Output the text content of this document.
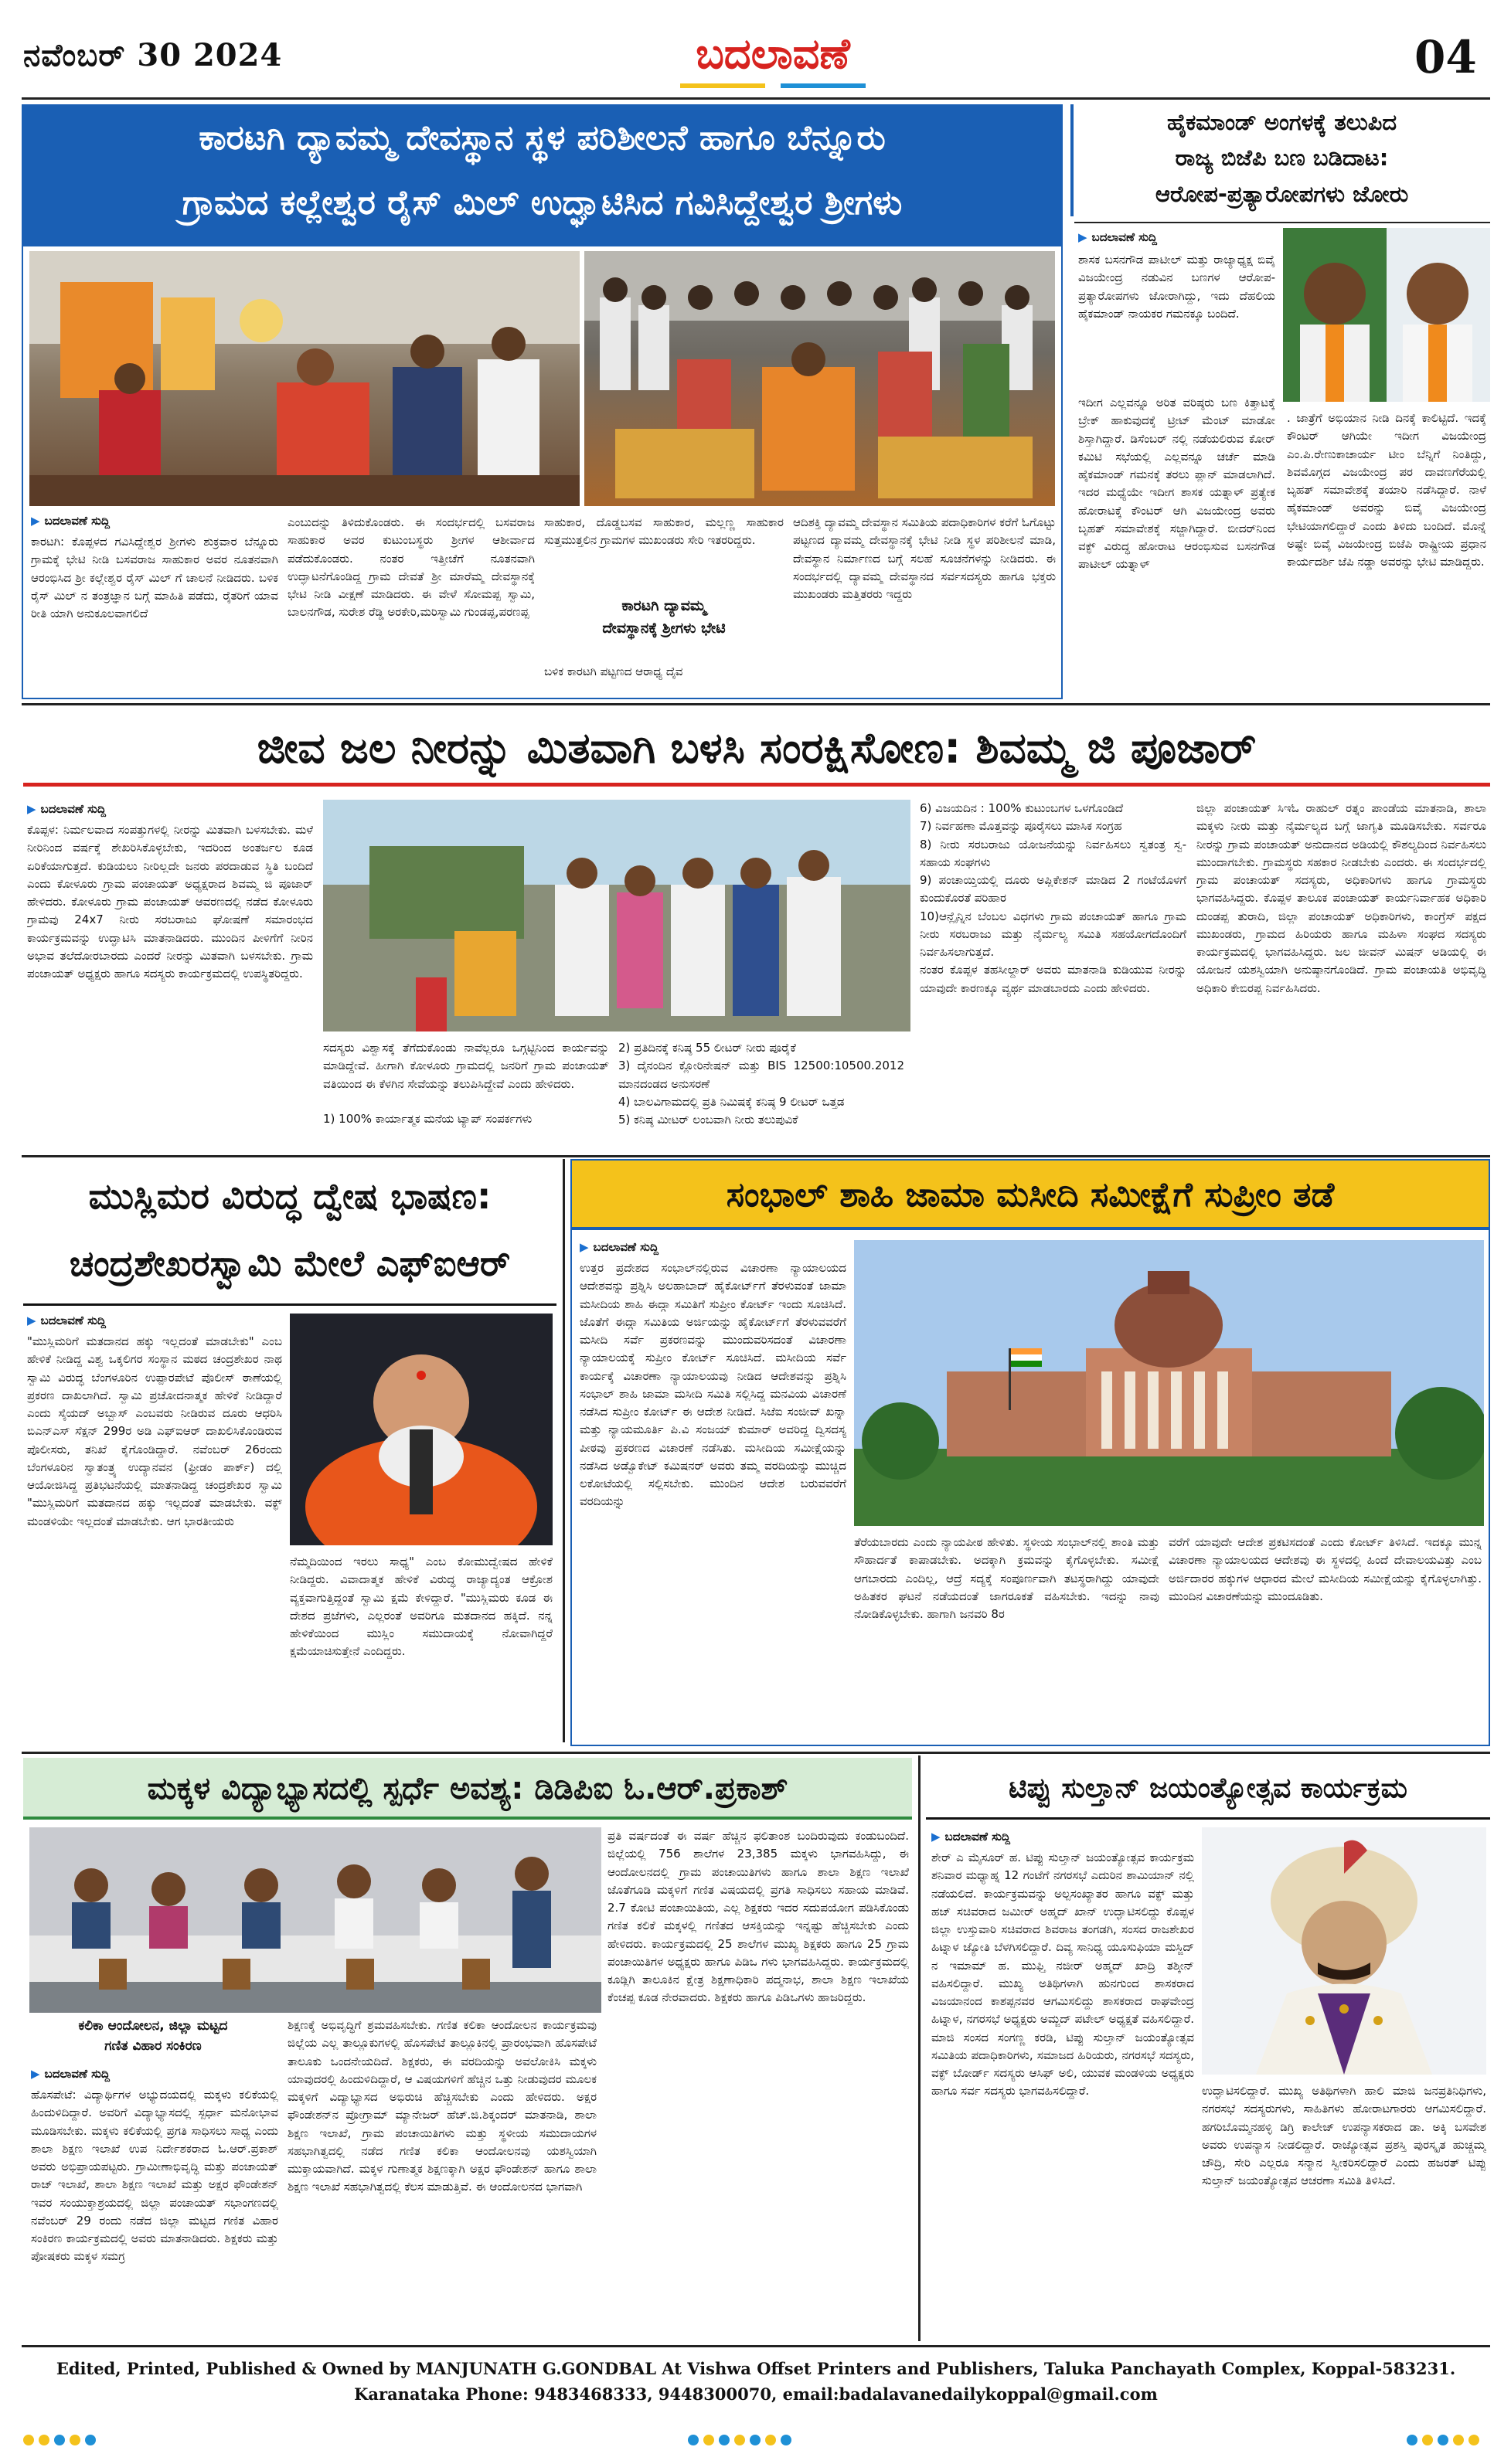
ನವೆಂಬರ್ 30 2024	ಬದಲಾವಣೆ	04
ಕಾರಟಗಿ ದ್ಯಾವಮ್ಮ ದೇವಸ್ಥಾನ ಸ್ಥಳ ಪರಿಶೀಲನೆ ಹಾಗೂ ಬೆನ್ನೂರು
ಗ್ರಾಮದ ಕಲ್ಲೇಶ್ವರ ರೈಸ್ ಮಿಲ್ ಉದ್ಘಾಟಿಸಿದ ಗವಿಸಿದ್ದೇಶ್ವರ ಶ್ರೀಗಳು
▶ ಬದಲಾವಣೆ ಸುದ್ದಿ
ಕಾರಟಗಿ: ಕೊಪ್ಪಳದ ಗವಿಸಿದ್ದೇಶ್ವರ ಶ್ರೀಗಳು ಶುಕ್ರವಾರ ಬೆನ್ನೂರು ಗ್ರಾಮಕ್ಕೆ ಭೇಟಿ ನೀಡಿ ಬಸವರಾಜ ಸಾಹುಕಾರ ಅವರ ನೂತನವಾಗಿ ಆರಂಭಿಸಿದ ಶ್ರೀ ಕಲ್ಲೇಶ್ವರ ರೈಸ್ ಮಿಲ್ ಗೆ ಚಾಲನೆ ನೀಡಿದರು. ಬಳಿಕ ರೈಸ್ ಮಿಲ್ ನ ತಂತ್ರಜ್ಞಾನ ಬಗ್ಗೆ ಮಾಹಿತಿ ಪಡೆದು, ರೈತರಿಗೆ ಯಾವ ರೀತಿ ಯಾಗಿ ಅನುಕೂಲವಾಗಲಿದೆ
ಎಂಬುದನ್ನು ತಿಳಿದುಕೊಂಡರು. ಈ ಸಂದರ್ಭದಲ್ಲಿ ಬಸವರಾಜ ಸಾಹುಕಾರ ಅವರ ಕುಟುಂಬಸ್ಥರು ಶ್ರೀಗಳ ಆಶೀರ್ವಾದ ಪಡೆದುಕೊಂಡರು. ನಂತರ ಇತ್ತೀಚೆಗೆ ನೂತನವಾಗಿ ಉದ್ಘಾಟನೆಗೊಂಡಿದ್ದ ಗ್ರಾಮ ದೇವತೆ ಶ್ರೀ ಮಾರೆಮ್ಮ ದೇವಸ್ಥಾನಕ್ಕೆ ಭೇಟಿ ನೀಡಿ ವೀಕ್ಷಣೆ ಮಾಡಿದರು. ಈ ವೇಳೆ ಸೋಮಪ್ಪ ಸ್ವಾಮಿ, ಬಾಲನಗೌಡ, ಸುರೇಶ ರೆಡ್ಡಿ ಅರಕೇರಿ,ಮರಿಸ್ವಾಮಿ ಗುಂಡಪ್ಪ,ಪರಣಪ್ಪ
ಸಾಹುಕಾರ, ದೊಡ್ಡಬಸವ ಸಾಹುಕಾರ, ಮಲ್ಲಣ್ಣ ಸಾಹುಕಾರ ಸುತ್ತಮುತ್ತಲಿನ ಗ್ರಾಮಗಳ ಮುಖಂಡರು ಸೇರಿ ಇತರರಿದ್ದರು.
ಕಾರಟಗಿ ದ್ಯಾವಮ್ಮ
ದೇವಸ್ಥಾನಕ್ಕೆ ಶ್ರೀಗಳು ಭೇಟಿ
ಬಳಿಕ ಕಾರಟಗಿ ಪಟ್ಟಣದ ಆರಾಧ್ಯ ದೈವ
ಆದಿಶಕ್ತಿ ದ್ಯಾವಮ್ಮ ದೇವಸ್ಥಾನ ಸಮಿತಿಯ ಪದಾಧಿಕಾರಿಗಳ ಕರೆಗೆ ಓಗೊಟ್ಟು ಪಟ್ಟಣದ ದ್ಯಾವಮ್ಮ ದೇವಸ್ಥಾನಕ್ಕೆ ಭೇಟಿ ನೀಡಿ ಸ್ಥಳ ಪರಿಶೀಲನೆ ಮಾಡಿ, ದೇವಸ್ಥಾನ ನಿರ್ಮಾಣದ ಬಗ್ಗೆ ಸಲಹೆ ಸೂಚನೆಗಳನ್ನು ನೀಡಿದರು. ಈ ಸಂದರ್ಭದಲ್ಲಿ ದ್ಯಾವಮ್ಮ ದೇವಸ್ಥಾನದ ಸರ್ವಸದಸ್ಯರು ಹಾಗೂ ಭಕ್ತರು ಮುಖಂಡರು ಮತ್ತಿತರರು ಇದ್ದರು
ಹೈಕಮಾಂಡ್ ಅಂಗಳಕ್ಕೆ ತಲುಪಿದ
ರಾಜ್ಯ ಬಿಜೆಪಿ ಬಣ ಬಡಿದಾಟ:
ಆರೋಪ-ಪ್ರತ್ಯಾರೋಪಗಳು ಜೋರು
▶ ಬದಲಾವಣೆ ಸುದ್ದಿ
ಶಾಸಕ ಬಸನಗೌಡ ಪಾಟೀಲ್ ಮತ್ತು ರಾಜ್ಯಾಧ್ಯಕ್ಷ ಬಿವೈ ವಿಜಯೇಂದ್ರ ನಡುವಿನ ಬಣಗಳ ಆರೋಪ-ಪ್ರತ್ಯಾರೋಪಗಳು ಜೋರಾಗಿದ್ದು, ಇದು ದೆಹಲಿಯ ಹೈಕಮಾಂಡ್ ನಾಯಕರ ಗಮನಕ್ಕೂ ಬಂದಿದೆ.
ಇದೀಗ ಎಲ್ಲವನ್ನೂ ಅರಿತ ವರಿಷ್ಠರು ಬಣ ಕಿತ್ತಾಟಕ್ಕೆ ಬ್ರೇಕ್ ಹಾಕುವುದಕ್ಕೆ ಟ್ರೀಟ್ ಮೆಂಟ್ ಮಾಡೋ ಶಿಸ್ತಾಗಿದ್ದಾರೆ. ಡಿಸೆಂಬರ್ ನಲ್ಲಿ ನಡೆಯಲಿರುವ ಕೋರ್ ಕಮಿಟಿ ಸಭೆಯಲ್ಲಿ ಎಲ್ಲವನ್ನೂ ಚರ್ಚೆ ಮಾಡಿ ಹೈಕಮಾಂಡ್ ಗಮನಕ್ಕೆ ತರಲು ಪ್ಲಾನ್ ಮಾಡಲಾಗಿದೆ. ಇದರ ಮಧ್ಯೆಯೇ ಇದೀಗ ಶಾಸಕ ಯತ್ನಾಳ್ ಪ್ರತ್ಯೇಕ ಹೋರಾಟಕ್ಕೆ ಕೌಂಟರ್ ಆಗಿ ವಿಜಯೇಂದ್ರ ಅವರು ಬೃಹತ್ ಸಮಾವೇಶಕ್ಕೆ ಸಜ್ಜಾಗಿದ್ದಾರೆ. ಬೀದರ್‌ನಿಂದ ವಕ್ಫ್ ವಿರುದ್ಧ ಹೋರಾಟ ಆರಂಭಿಸುವ ಬಸನಗೌಡ ಪಾಟೀಲ್ ಯತ್ನಾಳ್
. ಜಾತ್ರೆಗೆ ಅಭಿಯಾನ ನೀಡಿ ದಿನಕ್ಕೆ ಕಾಲಿಟ್ಟಿದೆ. ಇದಕ್ಕೆ ಕೌಂಟರ್ ಆಗಿಯೇ ಇದೀಗ ವಿಜಯೇಂದ್ರ ಎಂ.ಪಿ.ರೇಣುಕಾಚಾರ್ಯ ಟೀಂ ಬೆನ್ನಿಗೆ ನಿಂತಿದ್ದು, ಶಿವಮೊಗ್ಗದ ವಿಜಯೇಂದ್ರ ಪರ ದಾವಣಗೆರೆಯಲ್ಲಿ ಬೃಹತ್ ಸಮಾವೇಶಕ್ಕೆ ತಯಾರಿ ನಡೆಸಿದ್ದಾರೆ. ನಾಳೆ ಹೈಕಮಾಂಡ್ ಅವರನ್ನು ಬಿವೈ ವಿಜಯೇಂದ್ರ ಭೇಟಿಯಾಗಲಿದ್ದಾರೆ ಎಂದು ತಿಳಿದು ಬಂದಿದೆ. ಮೊನ್ನೆ ಅಷ್ಟೇ ಬಿವೈ ವಿಜಯೇಂದ್ರ ಬಿಜೆಪಿ ರಾಷ್ಟ್ರೀಯ ಪ್ರಧಾನ ಕಾರ್ಯದರ್ಶಿ ಜೆಪಿ ನಡ್ಡಾ ಅವರನ್ನು ಭೇಟಿ ಮಾಡಿದ್ದರು.
ಜೀವ ಜಲ ನೀರನ್ನು ಮಿತವಾಗಿ ಬಳಸಿ ಸಂರಕ್ಷಿಸೋಣ: ಶಿವಮ್ಮ ಜಿ ಪೂಜಾರ್
▶ ಬದಲಾವಣೆ ಸುದ್ದಿ
ಕೊಪ್ಪಳ: ನಿರ್ಮಲವಾದ ಸಂಪತ್ತುಗಳಲ್ಲಿ ನೀರನ್ನು ಮಿತವಾಗಿ ಬಳಸಬೇಕು. ಮಳೆ ನೀರಿನಿಂದ ವರ್ಷಕ್ಕೆ ಶೇಖರಿಸಿಕೊಳ್ಳಬೇಕು, ಇದರಿಂದ ಅಂತರ್ಜಲ ಕೂಡ ಏರಿಕೆಯಾಗುತ್ತದೆ. ಕುಡಿಯಲು ನೀರಿಲ್ಲದೇ ಜನರು ಪರದಾಡುವ ಸ್ಥಿತಿ ಬಂದಿದೆ ಎಂದು ಕೋಳೂರು ಗ್ರಾಮ ಪಂಚಾಯತ್ ಅಧ್ಯಕ್ಷರಾದ ಶಿವಮ್ಮ ಜಿ ಪೂಜಾರ್ ಹೇಳಿದರು. ಕೋಳೂರು ಗ್ರಾಮ ಪಂಚಾಯತ್ ಆವರಣದಲ್ಲಿ ನಡೆದ ಕೋಳೂರು ಗ್ರಾಮವು 24x7 ನೀರು ಸರಬರಾಜು ಘೋಷಣೆ ಸಮಾರಂಭದ ಕಾರ್ಯಕ್ರಮವನ್ನು ಉದ್ಘಾಟಿಸಿ ಮಾತನಾಡಿದರು. ಮುಂದಿನ ಪೀಳಿಗೆಗೆ ನೀರಿನ ಅಭಾವ ತಲೆದೋರಬಾರದು ಎಂದರೆ ನೀರನ್ನು ಮಿತವಾಗಿ ಬಳಸಬೇಕು. ಗ್ರಾಮ ಪಂಚಾಯತ್ ಅಧ್ಯಕ್ಷರು ಹಾಗೂ ಸದಸ್ಯರು ಕಾರ್ಯಕ್ರಮದಲ್ಲಿ ಉಪಸ್ಥಿತರಿದ್ದರು.
ಸದಸ್ಯರು ವಿಶ್ವಾಸಕ್ಕೆ ತೆಗೆದುಕೊಂಡು ನಾವೆಲ್ಲರೂ ಒಗ್ಗಟ್ಟಿನಿಂದ ಕಾರ್ಯವನ್ನು ಮಾಡಿದ್ದೇವೆ. ಹೀಗಾಗಿ ಕೋಳೂರು ಗ್ರಾಮದಲ್ಲಿ ಜನರಿಗೆ ಗ್ರಾಮ ಪಂಚಾಯತ್ ವತಿಯಿಂದ ಈ ಕೆಳಗಿನ ಸೇವೆಯನ್ನು ತಲುಪಿಸಿದ್ದೇವೆ ಎಂದು ಹೇಳಿದರು.
1) 100% ಕಾರ್ಯಾತ್ಮಕ ಮನೆಯ ಟ್ಯಾಪ್ ಸಂಪರ್ಕಗಳು
2) ಪ್ರತಿದಿನಕ್ಕೆ ಕನಿಷ್ಠ 55 ಲೀಟರ್ ನೀರು ಪೂರೈಕೆ
3) ದೈನಂದಿನ ಕ್ಲೋರಿನೇಷನ್ ಮತ್ತು BIS 12500:10500.2012 ಮಾನದಂಡದ ಅನುಸರಣೆ
4) ಬಾಲವಿಗಾಮದಲ್ಲಿ ಪ್ರತಿ ನಿಮಿಷಕ್ಕೆ ಕನಿಷ್ಠ 9 ಲೀಟರ್ ಒತ್ತಡ
5) ಕನಿಷ್ಠ ಮೀಟರ್ ಲಂಬವಾಗಿ ನೀರು ತಲುಪುವಿಕೆ
6) ವಿಜಯದಿನ : 100% ಕುಟುಂಬಗಳ ಒಳಗೊಂಡಿದೆ
7) ನಿರ್ವಹಣಾ ಮೊತ್ತವನ್ನು ಪೂರೈಸಲು ಮಾಸಿಕ ಸಂಗ್ರಹ
8) ನೀರು ಸರಬರಾಜು ಯೋಜನೆಯನ್ನು ನಿರ್ವಹಿಸಲು ಸ್ವತಂತ್ರ ಸ್ವ-ಸಹಾಯ ಸಂಘಗಳು
9) ಪಂಚಾಯ್ತಿಯಲ್ಲಿ ದೂರು ಅಪ್ಲಿಕೇಶನ್ ಮಾಡಿದ 2 ಗಂಟೆಯೊಳಗೆ ಕುಂದುಕೊರತೆ ಪರಿಹಾರ
10)ಆನ್ಲೈನ್ನಿನ ಬೆಂಬಲ ವಿಧಗಳು ಗ್ರಾಮ ಪಂಚಾಯತ್ ಹಾಗೂ ಗ್ರಾಮ ನೀರು ಸರಬರಾಜು ಮತ್ತು ನೈರ್ಮಲ್ಯ ಸಮಿತಿ ಸಹಯೋಗದೊಂದಿಗೆ ನಿರ್ವಹಿಸಲಾಗುತ್ತದೆ.
ನಂತರ ಕೊಪ್ಪಳ ತಹಸೀಲ್ದಾರ್ ಅವರು ಮಾತನಾಡಿ ಕುಡಿಯುವ ನೀರನ್ನು ಯಾವುದೇ ಕಾರಣಕ್ಕೂ ವ್ಯರ್ಥ ಮಾಡಬಾರದು ಎಂದು ಹೇಳಿದರು.
ಜಿಲ್ಲಾ ಪಂಚಾಯತ್ ಸಿಇಓ ರಾಹುಲ್ ರತ್ನಂ ಪಾಂಡೆಯ ಮಾತನಾಡಿ, ಶಾಲಾ ಮಕ್ಕಳು ನೀರು ಮತ್ತು ನೈರ್ಮಲ್ಯದ ಬಗ್ಗೆ ಜಾಗೃತಿ ಮೂಡಿಸಬೇಕು. ಸರ್ವರೂ ನೀರನ್ನು ಗ್ರಾಮ ಪಂಚಾಯತ್ ಅನುದಾನದ ಅಡಿಯಲ್ಲಿ ಕೌಶಲ್ಯದಿಂದ ನಿರ್ವಹಿಸಲು ಮುಂದಾಗಬೇಕು. ಗ್ರಾಮಸ್ಥರು ಸಹಕಾರ ನೀಡಬೇಕು ಎಂದರು. ಈ ಸಂದರ್ಭದಲ್ಲಿ ಗ್ರಾಮ ಪಂಚಾಯತ್ ಸದಸ್ಯರು, ಅಧಿಕಾರಿಗಳು ಹಾಗೂ ಗ್ರಾಮಸ್ಥರು ಭಾಗವಹಿಸಿದ್ದರು. ಕೊಪ್ಪಳ ತಾಲೂಕ ಪಂಚಾಯತ್ ಕಾರ್ಯನಿರ್ವಾಹಕ ಅಧಿಕಾರಿ ದುಂಡಪ್ಪ ತುರಾದಿ, ಜಿಲ್ಲಾ ಪಂಚಾಯತ್ ಅಧಿಕಾರಿಗಳು, ಕಾಂಗ್ರೆಸ್ ಪಕ್ಷದ ಮುಖಂಡರು, ಗ್ರಾಮದ ಹಿರಿಯರು ಹಾಗೂ ಮಹಿಳಾ ಸಂಘದ ಸದಸ್ಯರು ಕಾರ್ಯಕ್ರಮದಲ್ಲಿ ಭಾಗವಹಿಸಿದ್ದರು. ಜಲ ಜೀವನ್ ಮಿಷನ್ ಅಡಿಯಲ್ಲಿ ಈ ಯೋಜನೆ ಯಶಸ್ವಿಯಾಗಿ ಅನುಷ್ಠಾನಗೊಂಡಿದೆ. ಗ್ರಾಮ ಪಂಚಾಯತಿ ಅಭಿವೃದ್ಧಿ ಅಧಿಕಾರಿ ಕೇಬಿರಪ್ಪ ನಿರ್ವಹಿಸಿದರು.
ಮುಸ್ಲಿಮರ ವಿರುದ್ಧ ದ್ವೇಷ ಭಾಷಣ:
ಚಂದ್ರಶೇಖರಸ್ವಾಮಿ ಮೇಲೆ ಎಫ್‌ಐಆರ್
▶ ಬದಲಾವಣೆ ಸುದ್ದಿ
"ಮುಸ್ಲಿಮರಿಗೆ ಮತದಾನದ ಹಕ್ಕು ಇಲ್ಲದಂತೆ ಮಾಡಬೇಕು" ಎಂಬ ಹೇಳಿಕೆ ನೀಡಿದ್ದ ವಿಶ್ವ ಒಕ್ಕಲಿಗರ ಸಂಸ್ಥಾನ ಮಠದ ಚಂದ್ರಶೇಖರ ನಾಥ ಸ್ವಾಮಿ ವಿರುದ್ಧ ಬೆಂಗಳೂರಿನ ಉಪ್ಪಾರಪೇಟೆ ಪೊಲೀಸ್ ಠಾಣೆಯಲ್ಲಿ ಪ್ರಕರಣ ದಾಖಲಾಗಿದೆ. ಸ್ವಾಮಿ ಪ್ರಚೋದನಾತ್ಮಕ ಹೇಳಿಕೆ ನೀಡಿದ್ದಾರೆ ಎಂದು ಸೈಯದ್ ಅಬ್ಬಾಸ್ ಎಂಬವರು ನೀಡಿರುವ ದೂರು ಆಧರಿಸಿ ಬಿಎನ್ಎಸ್ ಸೆಕ್ಷನ್ 299ರ ಅಡಿ ಎಫ್ಐಆರ್ ದಾಖಲಿಸಿಕೊಂಡಿರುವ ಪೊಲೀಸರು, ತನಿಖೆ ಕೈಗೊಂಡಿದ್ದಾರೆ. ನವೆಂಬರ್ 26ರಂದು ಬೆಂಗಳೂರಿನ ಸ್ವಾತಂತ್ರ್ಯ ಉದ್ಯಾನವನ (ಫ್ರೀಡಂ ಪಾರ್ಕ್) ದಲ್ಲಿ ಆಯೋಜಿಸಿದ್ದ ಪ್ರತಿಭಟನೆಯಲ್ಲಿ ಮಾತನಾಡಿದ್ದ ಚಂದ್ರಶೇಖರ ಸ್ವಾಮಿ "ಮುಸ್ಲಿಮರಿಗೆ ಮತದಾನದ ಹಕ್ಕು ಇಲ್ಲದಂತೆ ಮಾಡಬೇಕು. ವಕ್ಫ್ ಮಂಡಳಿಯೇ ಇಲ್ಲದಂತೆ ಮಾಡಬೇಕು. ಆಗ ಭಾರತೀಯರು
ನೆಮ್ಮದಿಯಿಂದ ಇರಲು ಸಾಧ್ಯ" ಎಂಬ ಕೋಮುದ್ವೇಷದ ಹೇಳಿಕೆ ನೀಡಿದ್ದರು. ವಿವಾದಾತ್ಮಕ ಹೇಳಿಕೆ ವಿರುದ್ಧ ರಾಜ್ಯಾದ್ಯಂತ ಆಕ್ರೋಶ ವ್ಯಕ್ತವಾಗುತ್ತಿದ್ದಂತೆ ಸ್ವಾಮಿ ಕ್ಷಮೆ ಕೇಳಿದ್ದಾರೆ. "ಮುಸ್ಲಿಮರು ಕೂಡ ಈ ದೇಶದ ಪ್ರಜೆಗಳು, ಎಲ್ಲರಂತೆ ಅವರಿಗೂ ಮತದಾನದ ಹಕ್ಕಿದೆ. ನನ್ನ ಹೇಳಿಕೆಯಿಂದ ಮುಸ್ಲಿಂ ಸಮುದಾಯಕ್ಕೆ ನೋವಾಗಿದ್ದರೆ ಕ್ಷಮೆಯಾಚಿಸುತ್ತೇನೆ ಎಂದಿದ್ದರು.
ಸಂಭಾಲ್ ಶಾಹಿ ಜಾಮಾ ಮಸೀದಿ ಸಮೀಕ್ಷೆಗೆ ಸುಪ್ರೀಂ ತಡೆ
▶ ಬದಲಾವಣೆ ಸುದ್ದಿ
ಉತ್ತರ ಪ್ರದೇಶದ ಸಂಭಾಲ್‌ನಲ್ಲಿರುವ ವಿಚಾರಣಾ ನ್ಯಾಯಾಲಯದ ಆದೇಶವನ್ನು ಪ್ರಶ್ನಿಸಿ ಅಲಹಾಬಾದ್ ಹೈಕೋರ್ಟ್‌ಗೆ ತೆರಳುವಂತೆ ಜಾಮಾ ಮಸೀದಿಯ ಶಾಹಿ ಈದ್ಗಾ ಸಮಿತಿಗೆ ಸುಪ್ರೀಂ ಕೋರ್ಟ್ ಇಂದು ಸೂಚಿಸಿದೆ. ಜೊತೆಗೆ ಈದ್ಗಾ ಸಮಿತಿಯ ಅರ್ಜಿಯನ್ನು ಹೈಕೋರ್ಟ್‌ಗೆ ತೆರಳುವವರೆಗೆ ಮಸೀದಿ ಸರ್ವೆ ಪ್ರಕರಣವನ್ನು ಮುಂದುವರಿಸದಂತೆ ವಿಚಾರಣಾ ನ್ಯಾಯಾಲಯಕ್ಕೆ ಸುಪ್ರೀಂ ಕೋರ್ಟ್ ಸೂಚಿಸಿದೆ. ಮಸೀದಿಯ ಸರ್ವೆ ಕಾರ್ಯಕ್ಕೆ ವಿಚಾರಣಾ ನ್ಯಾಯಾಲಯವು ನೀಡಿದ ಆದೇಶವನ್ನು ಪ್ರಶ್ನಿಸಿ ಸಂಭಾಲ್ ಶಾಹಿ ಜಾಮಾ ಮಸೀದಿ ಸಮಿತಿ ಸಲ್ಲಿಸಿದ್ದ ಮನವಿಯ ವಿಚಾರಣೆ ನಡೆಸಿದ ಸುಪ್ರೀಂ ಕೋರ್ಟ್ ಈ ಆದೇಶ ನೀಡಿದೆ. ಸಿಜೆಐ ಸಂಜೀವ್ ಖನ್ನಾ ಮತ್ತು ನ್ಯಾಯಮೂರ್ತಿ ಪಿ.ವಿ ಸಂಜಯ್ ಕುಮಾರ್ ಅವರಿದ್ದ ದ್ವಿಸದಸ್ಯ ಪೀಠವು ಪ್ರಕರಣದ ವಿಚಾರಣೆ ನಡೆಸಿತು. ಮಸೀದಿಯ ಸಮೀಕ್ಷೆಯನ್ನು ನಡೆಸಿದ ಅಡ್ವೊಕೇಟ್ ಕಮಿಷನರ್ ಅವರು ತಮ್ಮ ವರದಿಯನ್ನು ಮುಚ್ಚಿದ ಲಕೋಟೆಯಲ್ಲಿ ಸಲ್ಲಿಸಬೇಕು. ಮುಂದಿನ ಆದೇಶ ಬರುವವರೆಗೆ ವರದಿಯನ್ನು
ತೆರೆಯಬಾರದು ಎಂದು ನ್ಯಾಯಪೀಠ ಹೇಳಿತು. ಸ್ಥಳೀಯ ಸಂಭಾಲ್‌ನಲ್ಲಿ ಶಾಂತಿ ಮತ್ತು ಸೌಹಾರ್ದತೆ ಕಾಪಾಡಬೇಕು. ಅದಕ್ಕಾಗಿ ಕ್ರಮವನ್ನು ಕೈಗೊಳ್ಳಬೇಕು. ಸಮೀಕ್ಷೆ ಆಗಬಾರದು ಎಂದಿಲ್ಲ, ಆದ್ರೆ ಸದ್ಯಕ್ಕೆ ಸಂಪೂರ್ಣವಾಗಿ ತಟಸ್ಥರಾಗಿದ್ದು ಯಾವುದೇ ಅಹಿತಕರ ಘಟನೆ ನಡೆಯದಂತೆ ಜಾಗರೂಕತೆ ವಹಿಸಬೇಕು. ಇದನ್ನು ನಾವು ನೋಡಿಕೊಳ್ಳಬೇಕು. ಹಾಗಾಗಿ ಜನವರಿ 8ರ
ವರೆಗೆ ಯಾವುದೇ ಆದೇಶ ಪ್ರಕಟಿಸದಂತೆ ಎಂದು ಕೋರ್ಟ್ ತಿಳಿಸಿದೆ. ಇದಕ್ಕೂ ಮುನ್ನ ವಿಚಾರಣಾ ನ್ಯಾಯಾಲಯದ ಆದೇಶವು ಈ ಸ್ಥಳದಲ್ಲಿ ಹಿಂದೆ ದೇವಾಲಯವಿತ್ತು ಎಂಬ ಅರ್ಜಿದಾರರ ಹಕ್ಕುಗಳ ಆಧಾರದ ಮೇಲೆ ಮಸೀದಿಯ ಸಮೀಕ್ಷೆಯನ್ನು ಕೈಗೊಳ್ಳಲಾಗಿತ್ತು. ಮುಂದಿನ ವಿಚಾರಣೆಯನ್ನು ಮುಂದೂಡಿತು.
ಮಕ್ಕಳ ವಿದ್ಯಾಭ್ಯಾಸದಲ್ಲಿ ಸ್ಪರ್ಧೆ ಅವಶ್ಯ: ಡಿಡಿಪಿಐ ಓ.ಆರ್.ಪ್ರಕಾಶ್
ಕಲಿಕಾ ಆಂದೋಲನ, ಜಿಲ್ಲಾ ಮಟ್ಟದ
ಗಣಿತ ವಿಹಾರ ಸಂಕಿರಣ
▶ ಬದಲಾವಣೆ ಸುದ್ದಿ
ಹೊಸಪೇಟೆ: ವಿದ್ಯಾರ್ಥಿಗಳ ಅಭ್ಯುದಯದಲ್ಲಿ ಮಕ್ಕಳು ಕಲಿಕೆಯಲ್ಲಿ ಹಿಂದುಳಿದಿದ್ದಾರೆ. ಅವರಿಗೆ ವಿದ್ಯಾಭ್ಯಾಸದಲ್ಲಿ ಸ್ಪರ್ಧಾ ಮನೋಭಾವ ಮೂಡಿಸಬೇಕು. ಮಕ್ಕಳು ಕಲಿಕೆಯಲ್ಲಿ ಪ್ರಗತಿ ಸಾಧಿಸಲು ಸಾಧ್ಯ ಎಂದು ಶಾಲಾ ಶಿಕ್ಷಣ ಇಲಾಖೆ ಉಪ ನಿರ್ದೇಶಕರಾದ ಓ.ಆರ್.ಪ್ರಕಾಶ್ ಅವರು ಅಭಿಪ್ರಾಯಪಟ್ಟರು. ಗ್ರಾಮೀಣಾಭಿವೃದ್ಧಿ ಮತ್ತು ಪಂಚಾಯತ್ ರಾಜ್ ಇಲಾಖೆ, ಶಾಲಾ ಶಿಕ್ಷಣ ಇಲಾಖೆ ಮತ್ತು ಅಕ್ಷರ ಫೌಂಡೇಶನ್ ಇವರ ಸಂಯುಕ್ತಾಶ್ರಯದಲ್ಲಿ ಜಿಲ್ಲಾ ಪಂಚಾಯತ್ ಸಭಾಂಗಣದಲ್ಲಿ ನವೆಂಬರ್ 29 ರಂದು ನಡೆದ ಜಿಲ್ಲಾ ಮಟ್ಟದ ಗಣಿತ ವಿಹಾರ ಸಂಕಿರಣ ಕಾರ್ಯಕ್ರಮದಲ್ಲಿ ಅವರು ಮಾತನಾಡಿದರು. ಶಿಕ್ಷಕರು ಮತ್ತು ಪೋಷಕರು ಮಕ್ಕಳ ಸಮಗ್ರ
ಶಿಕ್ಷಣಕ್ಕೆ ಅಭಿವೃದ್ಧಿಗೆ ಶ್ರಮವಹಿಸಬೇಕು. ಗಣಿತ ಕಲಿಕಾ ಆಂದೋಲನ ಕಾರ್ಯಕ್ರಮವು ಜಿಲ್ಲೆಯ ಎಲ್ಲ ತಾಲ್ಲೂಕುಗಳಲ್ಲಿ ಹೊಸಪೇಟೆ ತಾಲ್ಲೂಕಿನಲ್ಲಿ ಪ್ರಾರಂಭವಾಗಿ ಹೊಸಪೇಟೆ ತಾಲೂಕು ಒಂದನೇಯದಿದೆ. ಶಿಕ್ಷಕರು, ಈ ವರದಿಯನ್ನು ಅವಲೋಕಿಸಿ ಮಕ್ಕಳು ಯಾವುದರಲ್ಲಿ ಹಿಂದುಳಿದಿದ್ದಾರೆ, ಆ ವಿಷಯಗಳಿಗೆ ಹೆಚ್ಚಿನ ಒತ್ತು ನೀಡುವುದರ ಮೂಲಕ ಮಕ್ಕಳಿಗೆ ವಿದ್ಯಾಭ್ಯಾಸದ ಅಭಿರುಚಿ ಹೆಚ್ಚಿಸಬೇಕು ಎಂದು ಹೇಳಿದರು. ಅಕ್ಷರ ಫೌಂಡೇಶನ್‌ನ ಪ್ರೋಗ್ರಾಮ್ ಮ್ಯಾನೇಜರ್ ಹೆಚ್.ಜಿ.ಶಿಕ್ಕಂದರ್ ಮಾತನಾಡಿ, ಶಾಲಾ ಶಿಕ್ಷಣ ಇಲಾಖೆ, ಗ್ರಾಮ ಪಂಚಾಯಿತಿಗಳು ಮತ್ತು ಸ್ಥಳೀಯ ಸಮುದಾಯಗಳ ಸಹಭಾಗಿತ್ವದಲ್ಲಿ ನಡೆದ ಗಣಿತ ಕಲಿಕಾ ಆಂದೋಲನವು ಯಶಸ್ವಿಯಾಗಿ ಮುಕ್ತಾಯವಾಗಿದೆ. ಮಕ್ಕಳ ಗುಣಾತ್ಮಕ ಶಿಕ್ಷಣಕ್ಕಾಗಿ ಅಕ್ಷರ ಫೌಂಡೇಶನ್ ಹಾಗೂ ಶಾಲಾ ಶಿಕ್ಷಣ ಇಲಾಖೆ ಸಹಭಾಗಿತ್ವದಲ್ಲಿ ಕೆಲಸ ಮಾಡುತ್ತಿವೆ. ಈ ಆಂದೋಲನದ ಭಾಗವಾಗಿ
ಪ್ರತಿ ವರ್ಷದಂತೆ ಈ ವರ್ಷ ಹೆಚ್ಚಿನ ಫಲಿತಾಂಶ ಬಂದಿರುವುದು ಕಂಡುಬಂದಿದೆ. ಜಿಲ್ಲೆಯಲ್ಲಿ 756 ಶಾಲೆಗಳ 23,385 ಮಕ್ಕಳು ಭಾಗವಹಿಸಿದ್ದು, ಈ ಆಂದೋಲನದಲ್ಲಿ ಗ್ರಾಮ ಪಂಚಾಯಿತಿಗಳು ಹಾಗೂ ಶಾಲಾ ಶಿಕ್ಷಣ ಇಲಾಖೆ ಜೊತೆಗೂಡಿ ಮಕ್ಕಳಿಗೆ ಗಣಿತ ವಿಷಯದಲ್ಲಿ ಪ್ರಗತಿ ಸಾಧಿಸಲು ಸಹಾಯ ಮಾಡಿವೆ. 2.7 ಕೋಟಿ ಪಂಚಾಯಿತಿಯ, ಎಲ್ಲ ಶಿಕ್ಷಕರು ಇದರ ಸದುಪಯೋಗ ಪಡಿಸಿಕೊಂಡು ಗಣಿತ ಕಲಿಕೆ ಮಕ್ಕಳಲ್ಲಿ ಗಣಿತದ ಆಸಕ್ತಿಯನ್ನು ಇನ್ನಷ್ಟು ಹೆಚ್ಚಿಸಬೇಕು ಎಂದು ಹೇಳಿದರು. ಕಾರ್ಯಕ್ರಮದಲ್ಲಿ 25 ಶಾಲೆಗಳ ಮುಖ್ಯ ಶಿಕ್ಷಕರು ಹಾಗೂ 25 ಗ್ರಾಮ ಪಂಚಾಯಿತಿಗಳ ಅಧ್ಯಕ್ಷರು ಹಾಗೂ ಪಿಡಿಒ ಗಳು ಭಾಗವಹಿಸಿದ್ದರು. ಕಾರ್ಯಕ್ರಮದಲ್ಲಿ ಕೂಡ್ಲಿಗಿ ತಾಲೂಕಿನ ಕ್ಷೇತ್ರ ಶಿಕ್ಷಣಾಧಿಕಾರಿ ಪದ್ಮನಾಭ, ಶಾಲಾ ಶಿಕ್ಷಣ ಇಲಾಖೆಯ ಕೆಂಚಪ್ಪ ಕೂಡ ನೇರವಾದರು. ಶಿಕ್ಷಕರು ಹಾಗೂ ಪಿಡಿಒಗಳು ಹಾಜರಿದ್ದರು.
ಟಿಪ್ಪು ಸುಲ್ತಾನ್ ಜಯಂತ್ಯೋತ್ಸವ ಕಾರ್ಯಕ್ರಮ
▶ ಬದಲಾವಣೆ ಸುದ್ದಿ
ಶೇರ್ ಎ ಮೈಸೂರ್ ಹ. ಟಿಪ್ಪು ಸುಲ್ತಾನ್ ಜಯಂತ್ಯೋತ್ಸವ ಕಾರ್ಯಕ್ರಮ ಶನಿವಾರ ಮಧ್ಯಾಹ್ನ 12 ಗಂಟೆಗೆ ನಗರಸಭೆ ಎದುರಿನ ಶಾಮಿಯಾನ್ ನಲ್ಲಿ ನಡೆಯಲಿದೆ. ಕಾರ್ಯಕ್ರಮವನ್ನು ಅಲ್ಪಸಂಖ್ಯಾತರ ಹಾಗೂ ವಕ್ಫ್ ಮತ್ತು ಹಜ್ ಸಚಿವರಾದ ಜಮೀರ್ ಅಹ್ಮದ್ ಖಾನ್ ಉದ್ಘಾಟಿಸಲಿದ್ದು ಕೊಪ್ಪಳ ಜಿಲ್ಲಾ ಉಸ್ತುವಾರಿ ಸಚಿವರಾದ ಶಿವರಾಜ ತಂಗಡಗಿ, ಸಂಸದ ರಾಜಶೇಖರ ಹಿಟ್ನಾಳ ಜ್ಯೋತಿ ಬೆಳಗಿಸಲಿದ್ದಾರೆ. ದಿವ್ಯ ಸಾನಿಧ್ಯ ಯೂಸುಫಿಯಾ ಮಸ್ಜಿದ್ ನ ಇಮಾಮ್ ಹ. ಮುಫ್ತಿ ನಜೀರ್ ಅಹ್ಮದ್ ಖಾದ್ರಿ ತಶ್ಕೀನ್ ವಹಿಸಲಿದ್ದಾರೆ. ಮುಖ್ಯ ಅತಿಥಿಗಳಾಗಿ ಹುನಗುಂದ ಶಾಸಕರಾದ ವಿಜಯಾನಂದ ಕಾಶಪ್ಪನವರ ಆಗಮಿಸಲಿದ್ದು ಶಾಸಕರಾದ ರಾಘವೇಂದ್ರ ಹಿಟ್ನಾಳ, ನಗರಸಭೆ ಅಧ್ಯಕ್ಷರು ಅಮ್ಜದ್ ಪಟೇಲ್ ಅಧ್ಯಕ್ಷತೆ ವಹಿಸಲಿದ್ದಾರೆ. ಮಾಜಿ ಸಂಸದ ಸಂಗಣ್ಣ ಕರಡಿ, ಟಿಪ್ಪು ಸುಲ್ತಾನ್ ಜಯಂತ್ಯೋತ್ಸವ ಸಮಿತಿಯ ಪದಾಧಿಕಾರಿಗಳು, ಸಮಾಜದ ಹಿರಿಯರು, ನಗರಸಭೆ ಸದಸ್ಯರು, ವಕ್ಫ್ ಬೋರ್ಡ್ ಸದಸ್ಯರು ಆಸಿಫ್ ಅಲಿ, ಯುವಕ ಮಂಡಳಿಯ ಅಧ್ಯಕ್ಷರು ಹಾಗೂ ಸರ್ವ ಸದಸ್ಯರು ಭಾಗವಹಿಸಲಿದ್ದಾರೆ.	ಉದ್ಘಾಟಿಸಲಿದ್ದಾರೆ. ಮುಖ್ಯ ಅತಿಥಿಗಳಾಗಿ ಹಾಲಿ ಮಾಜಿ ಜನಪ್ರತಿನಿಧಿಗಳು, ನಗರಸಭೆ ಸದಸ್ಯರುಗಳು, ಸಾಹಿತಿಗಳು ಹೋರಾಟಗಾರರು ಆಗಮಿಸಲಿದ್ದಾರೆ. ಹಗರಿಬೊಮ್ಮನಹಳ್ಳಿ ಡಿಗ್ರಿ ಕಾಲೇಜ್ ಉಪನ್ಯಾಸಕರಾದ ಡಾ. ಅಕ್ಕಿ ಬಸವೇಶ ಅವರು ಉಪನ್ಯಾಸ ನೀಡಲಿದ್ದಾರೆ. ರಾಜ್ಯೋತ್ಸವ ಪ್ರಶಸ್ತಿ ಪುರಸ್ಕೃತ ಹುಚ್ಚಮ್ಮ ಚೌದ್ರಿ, ಸೇರಿ ಎಲ್ಲರೂ ಸನ್ಮಾನ ಸ್ವೀಕರಿಸಲಿದ್ದಾರೆ ಎಂದು ಹಜರತ್ ಟಿಪ್ಪು ಸುಲ್ತಾನ್ ಜಯಂತ್ಯೋತ್ಸವ ಆಚರಣಾ ಸಮಿತಿ ತಿಳಿಸಿದೆ.
Edited, Printed, Published & Owned by MANJUNATH G.GONDBAL At Vishwa Offset Printers and Publishers, Taluka Panchayath Complex, Koppal-583231.
Karanataka Phone: 9483468333, 9448300070, email:badalavanedailykoppal@gmail.com
